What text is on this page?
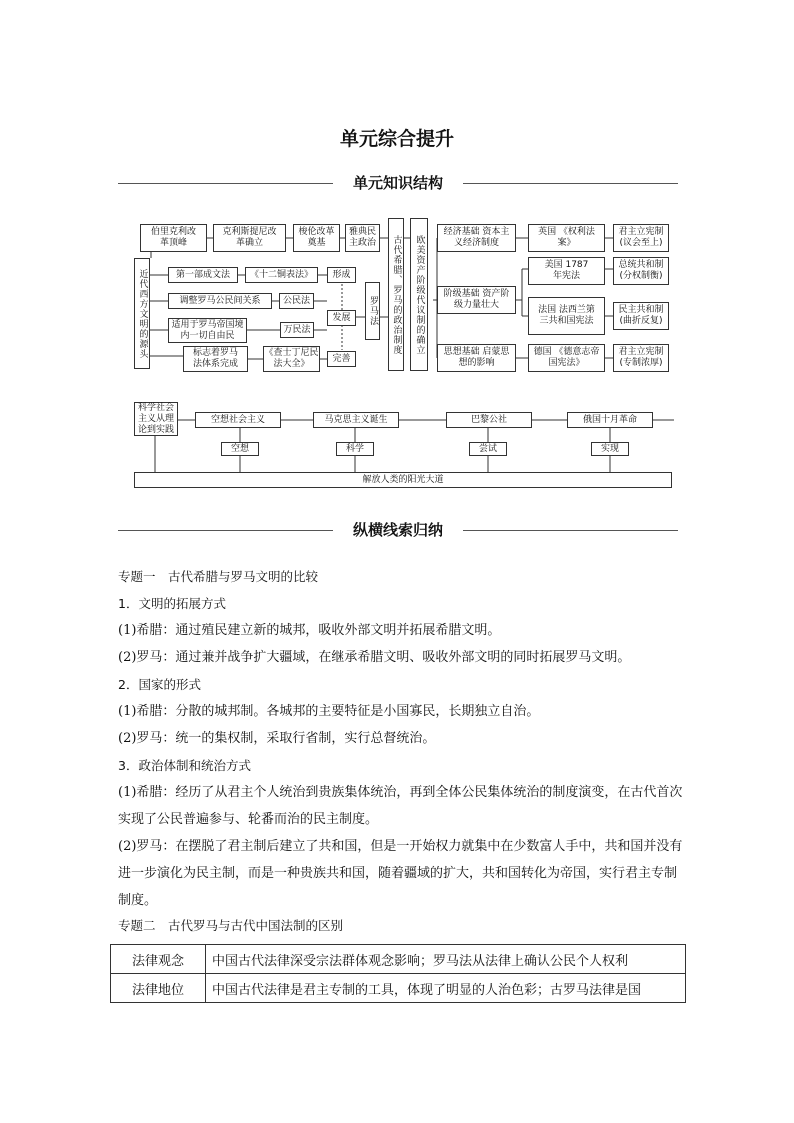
单元综合提升
单元知识结构
伯里克利改革顶峰
克利斯提尼改革确立
梭伦改革奠基
雅典民主政治	古代希腊、罗马的政治制度	欧美资产阶级代议制的确立
近代西方文明的源头	罗马法
形成
发展
完善
第一部成文法
调整罗马公民间关系
适用于罗马帝国境内一切自由民
标志着罗马法体系完成
《十二铜表法》
公民法
万民法
《查士丁尼民法大全》
经济基础 资本主义经济制度
阶级基础 资产阶级力量壮大
思想基础 启蒙思想的影响
英国 《权利法案》
美国 1787年宪法
法国 法西兰第三共和国宪法
德国 《德意志帝国宪法》
君主立宪制 (议会至上)
总统共和制 (分权制衡)
民主共和制 (曲折反复)
君主立宪制 (专制浓厚)
科学社会主义从理论到实践
空想社会主义	马克思主义诞生	巴黎公社	俄国十月革命
空想	科学	尝试	实现
解放人类的阳光大道
纵横线索归纳

专题一　古代希腊与罗马文明的比较

1．文明的拓展方式

(1)希腊：通过殖民建立新的城邦，吸收外部文明并拓展希腊文明。

(2)罗马：通过兼并战争扩大疆域，在继承希腊文明、吸收外部文明的同时拓展罗马文明。

2．国家的形式

(1)希腊：分散的城邦制。各城邦的主要特征是小国寡民，长期独立自治。

(2)罗马：统一的集权制，采取行省制，实行总督统治。

3．政治体制和统治方式

(1)希腊：经历了从君主个人统治到贵族集体统治，再到全体公民集体统治的制度演变，在古代首次实现了公民普遍参与、轮番而治的民主制度。

(2)罗马：在摆脱了君主制后建立了共和国，但是一开始权力就集中在少数富人手中，共和国并没有进一步演化为民主制，而是一种贵族共和国，随着疆域的扩大，共和国转化为帝国，实行君主专制制度。

专题二　古代罗马与古代中国法制的区别

法律观念	中国古代法律深受宗法群体观念影响；罗马法从法律上确认公民个人权利
法律地位	中国古代法律是君主专制的工具，体现了明显的人治色彩；古罗马法律是国
